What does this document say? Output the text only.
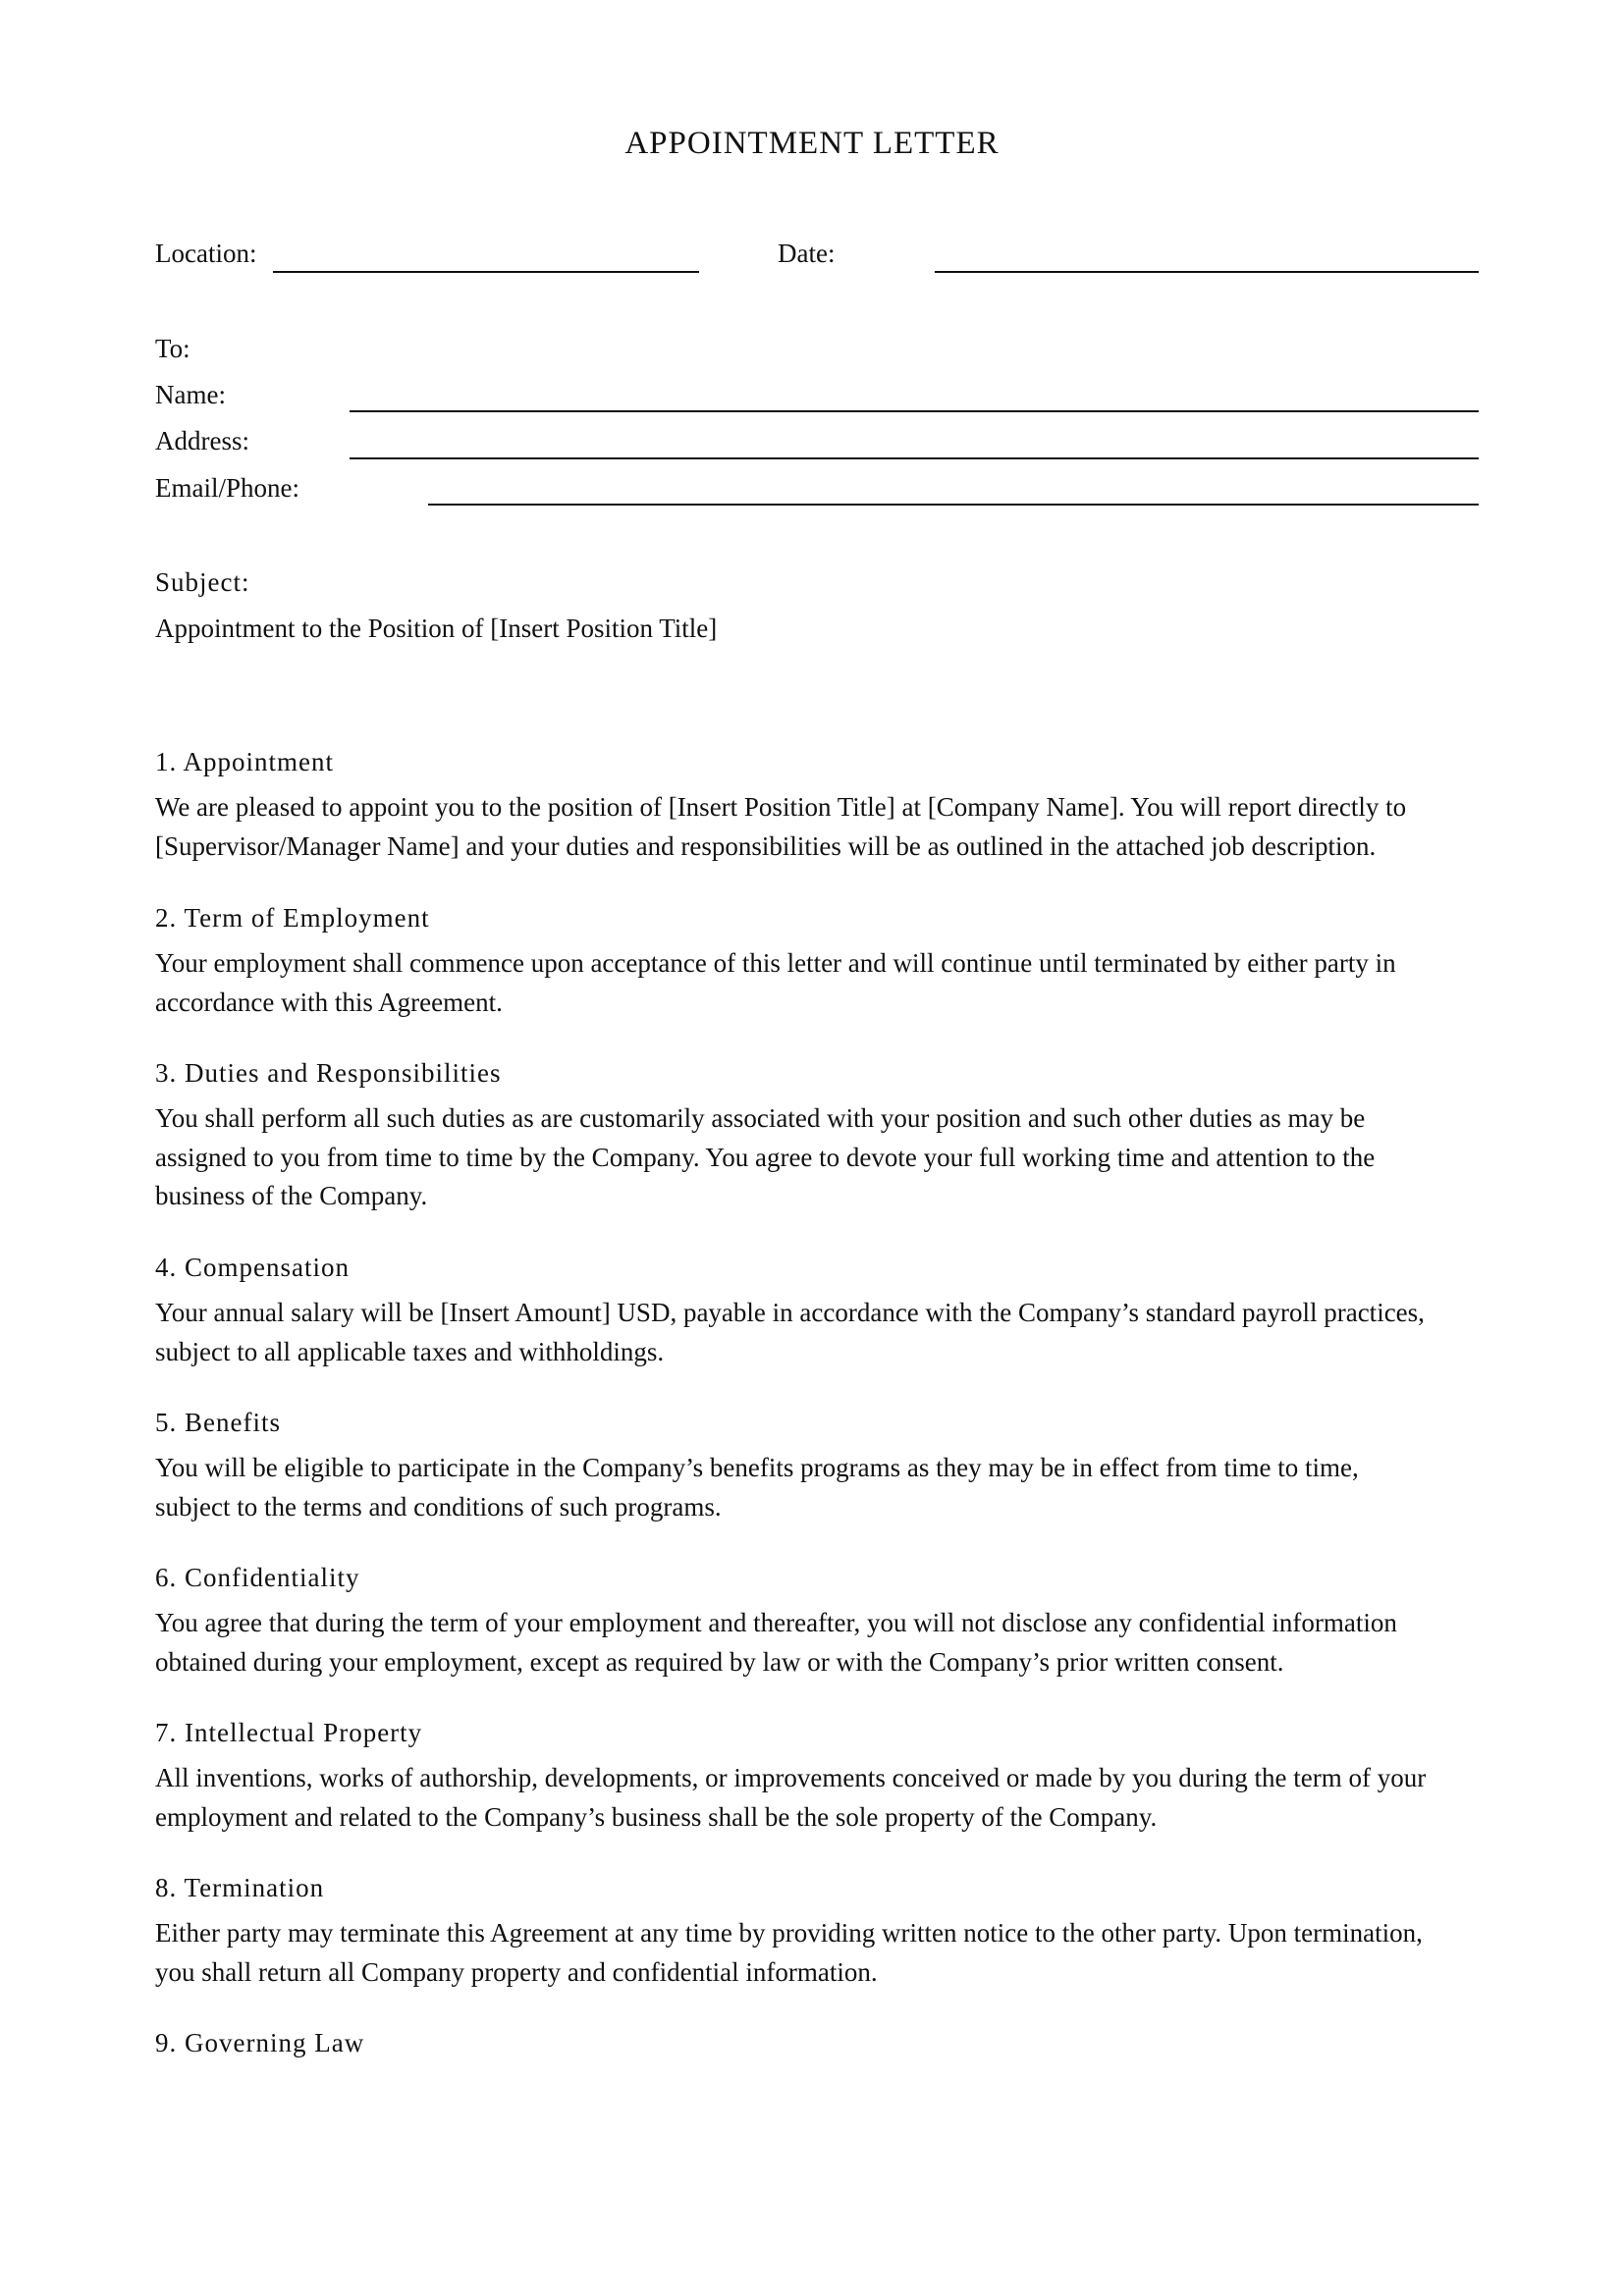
APPOINTMENT LETTER
Location:	Date:
To:
Name:
Address:
Email/Phone:
Subject:
Appointment to the Position of [Insert Position Title]
1. Appointment
We are pleased to appoint you to the position of [Insert Position Title] at [Company Name]. You will report directly to
[Supervisor/Manager Name] and your duties and responsibilities will be as outlined in the attached job description.
2. Term of Employment
Your employment shall commence upon acceptance of this letter and will continue until terminated by either party in
accordance with this Agreement.
3. Duties and Responsibilities
You shall perform all such duties as are customarily associated with your position and such other duties as may be
assigned to you from time to time by the Company. You agree to devote your full working time and attention to the
business of the Company.
4. Compensation
Your annual salary will be [Insert Amount] USD, payable in accordance with the Company’s standard payroll practices,
subject to all applicable taxes and withholdings.
5. Benefits
You will be eligible to participate in the Company’s benefits programs as they may be in effect from time to time,
subject to the terms and conditions of such programs.
6. Confidentiality
You agree that during the term of your employment and thereafter, you will not disclose any confidential information
obtained during your employment, except as required by law or with the Company’s prior written consent.
7. Intellectual Property
All inventions, works of authorship, developments, or improvements conceived or made by you during the term of your
employment and related to the Company’s business shall be the sole property of the Company.
8. Termination
Either party may terminate this Agreement at any time by providing written notice to the other party. Upon termination,
you shall return all Company property and confidential information.
9. Governing Law
